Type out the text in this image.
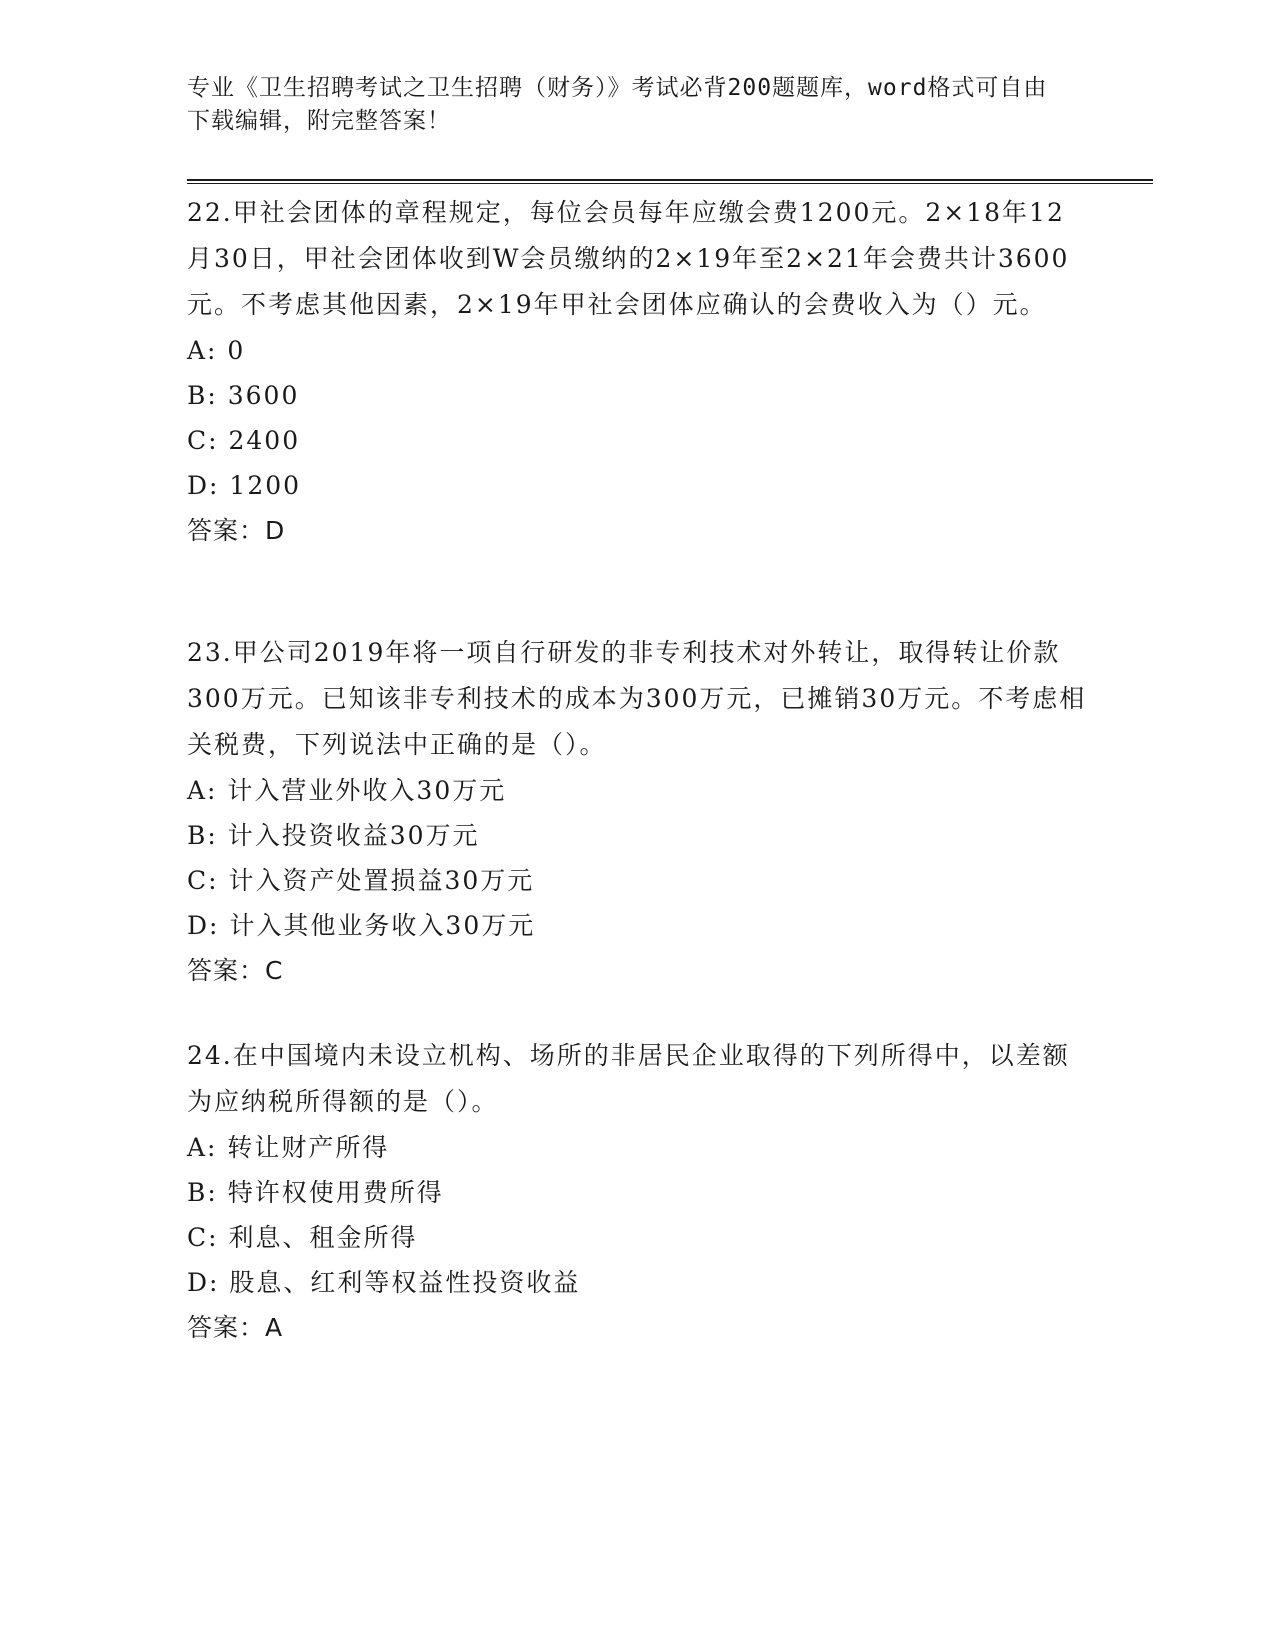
专业《卫生招聘考试之卫生招聘（财务）》考试必背200题题库，word格式可自由下载编辑，附完整答案！

22.甲社会团体的章程规定，每位会员每年应缴会费1200元。2×18年12月30日，甲社会团体收到W会员缴纳的2×19年至2×21年会费共计3600元。不考虑其他因素，2×19年甲社会团体应确认的会费收入为（）元。

A: 0
B: 3600
C: 2400
D: 1200
答案：D

23.甲公司2019年将一项自行研发的非专利技术对外转让，取得转让价款300万元。已知该非专利技术的成本为300万元，已摊销30万元。不考虑相关税费，下列说法中正确的是（）。

A: 计入营业外收入30万元
B: 计入投资收益30万元
C: 计入资产处置损益30万元
D: 计入其他业务收入30万元
答案：C

24.在中国境内未设立机构、场所的非居民企业取得的下列所得中，以差额为应纳税所得额的是（）。

A: 转让财产所得
B: 特许权使用费所得
C: 利息、租金所得
D: 股息、红利等权益性投资收益
答案：A
